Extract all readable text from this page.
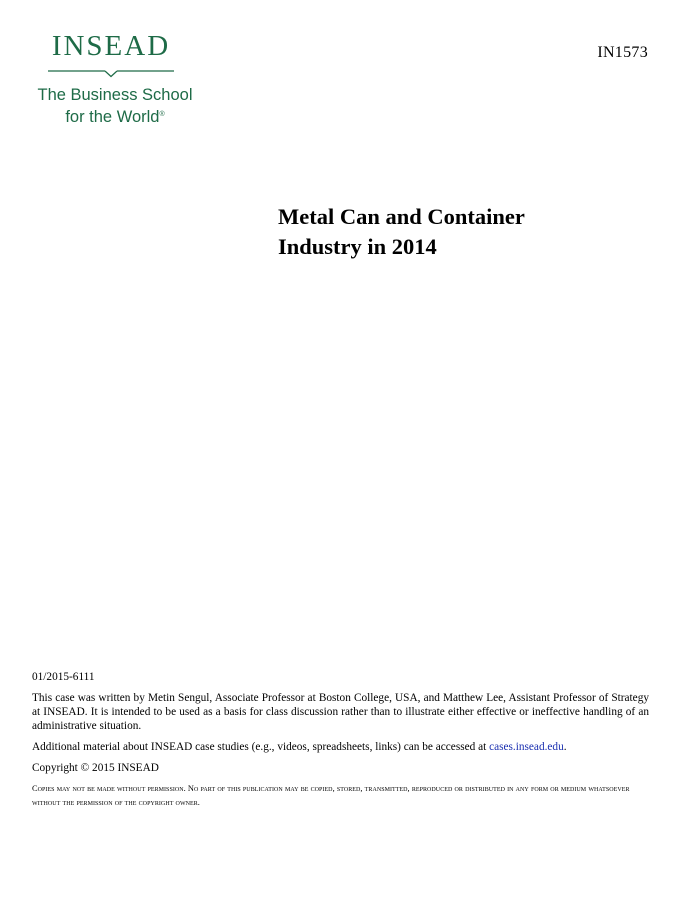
INSEAD
The Business School
for the World®
IN1573
Metal Can and Container
Industry in 2014

01/2015-6111

This case was written by Metin Sengul, Associate Professor at Boston College, USA, and Matthew Lee, Assistant Professor of Strategy at INSEAD. It is intended to be used as a basis for class discussion rather than to illustrate either effective or ineffective handling of an administrative situation.

Additional material about INSEAD case studies (e.g., videos, spreadsheets, links) can be accessed at cases.insead.edu.

Copyright © 2015 INSEAD

Copies may not be made without permission. No part of this publication may be copied, stored, transmitted, reproduced or distributed in any form or medium whatsoever without the permission of the copyright owner.
